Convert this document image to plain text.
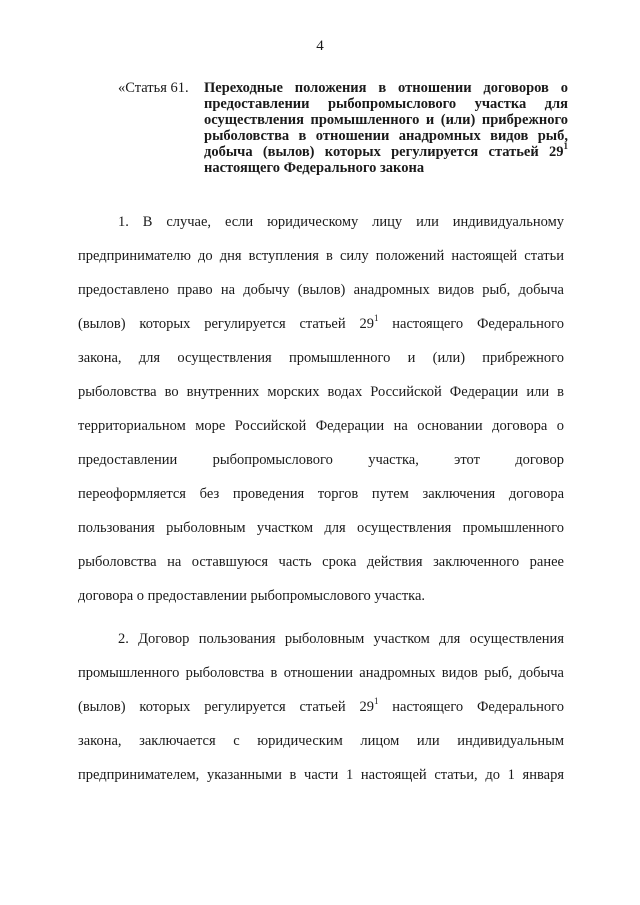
4
«Статья 61. Переходные положения в отношении договоров о предоставлении рыбопромыслового участка для осуществления промышленного и (или) прибрежного рыболовства в отношении анадромных видов рыб, добыча (вылов) которых регулируется статьей $29^1$ настоящего Федерального закона

1. В случае, если юридическому лицу или индивидуальному
предпринимателю до дня вступления в силу положений настоящей статьи
предоставлено право на добычу (вылов) анадромных видов рыб, добыча
(вылов) которых регулируется статьей $29^1$ настоящего Федерального
закона, для осуществления промышленного и (или) прибрежного
рыболовства во внутренних морских водах Российской Федерации или в
территориальном море Российской Федерации на основании договора о
предоставлении рыбопромыслового участка, этот договор
переоформляется без проведения торгов путем заключения договора
пользования рыболовным участком для осуществления промышленного
рыболовства на оставшуюся часть срока действия заключенного ранее
договора о предоставлении рыбопромыслового участка.

2. Договор пользования рыболовным участком для осуществления
промышленного рыболовства в отношении анадромных видов рыб, добыча
(вылов) которых регулируется статьей $29^1$ настоящего Федерального
закона, заключается с юридическим лицом или индивидуальным
предпринимателем, указанными в части 1 настоящей статьи, до 1 января
